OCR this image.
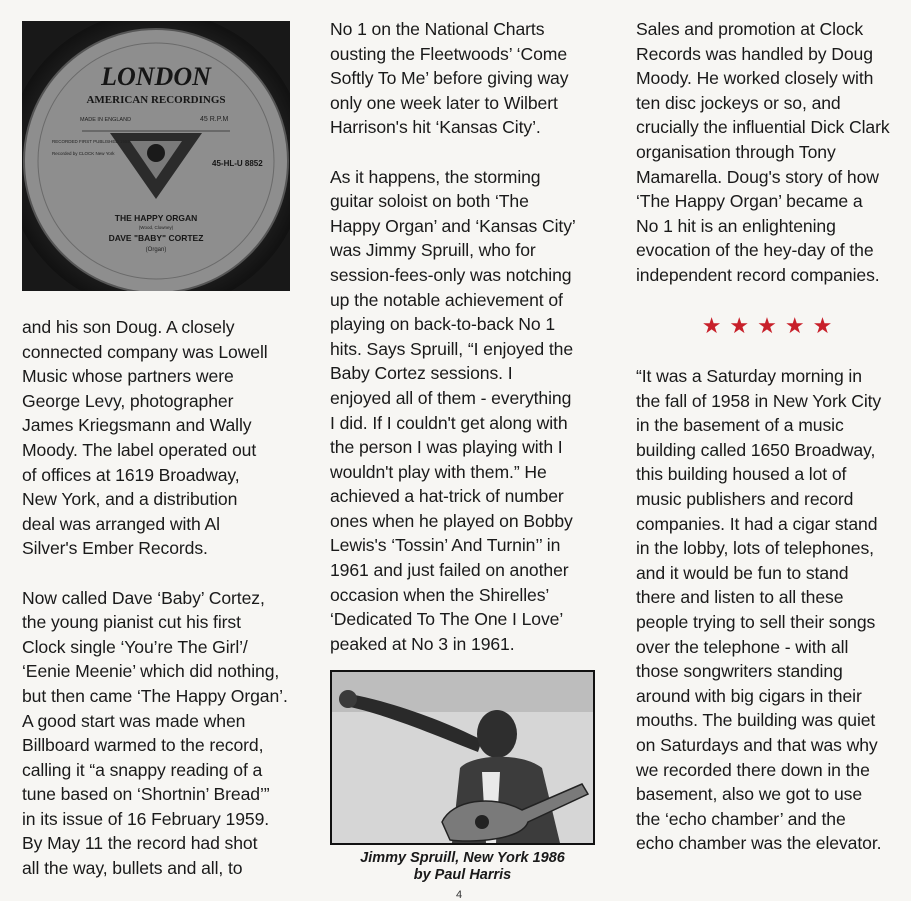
LONDON
AMERICAN RECORDINGS
MADE IN ENGLAND	45 R.P.M
RECORDED FIRST PUBLISHED 1959
Recorded by CLOCK New York
45-HL-U 8852
THE HAPPY ORGAN
(Wood, Clowney)
DAVE "BABY" CORTEZ
(Organ)

and his son Doug. A closely

connected company was Lowell

Music whose partners were

George Levy, photographer

James Kriegsmann and Wally

Moody. The label operated out

of offices at 1619 Broadway,

New York, and a distribution

deal was arranged with Al

Silver's Ember Records.

Now called Dave ‘Baby’ Cortez,

the young pianist cut his first

Clock single ‘You’re The Girl’/

‘Eenie Meenie’ which did nothing,

but then came ‘The Happy Organ’.

A good start was made when

Billboard warmed to the record,

calling it “a snappy reading of a

tune based on ‘Shortnin’ Bread’”

in its issue of 16 February 1959.

By May 11 the record had shot

all the way, bullets and all, to

No 1 on the National Charts

ousting the Fleetwoods’ ‘Come

Softly To Me’ before giving way

only one week later to Wilbert

Harrison's hit ‘Kansas City’.

As it happens, the storming

guitar soloist on both ‘The

Happy Organ’ and ‘Kansas City’

was Jimmy Spruill, who for

session-fees-only was notching

up the notable achievement of

playing on back-to-back No 1

hits. Says Spruill, “I enjoyed the

Baby Cortez sessions. I

enjoyed all of them - everything

I did. If I couldn't get along with

the person I was playing with I

wouldn't play with them.” He

achieved a hat-trick of number

ones when he played on Bobby

Lewis's ‘Tossin’ And Turnin’’ in

1961 and just failed on another

occasion when the Shirelles’

‘Dedicated To The One I Love’

peaked at No 3 in 1961.

Jimmy Spruill, New York 1986

by Paul Harris

Sales and promotion at Clock

Records was handled by Doug

Moody. He worked closely with

ten disc jockeys or so, and

crucially the influential Dick Clark

organisation through Tony

Mamarella. Doug's story of how

‘The Happy Organ’ became a

No 1 hit is an enlightening

evocation of the hey-day of the

independent record companies.

★★★★★

“It was a Saturday morning in

the fall of 1958 in New York City

in the basement of a music

building called 1650 Broadway,

this building housed a lot of

music publishers and record

companies. It had a cigar stand

in the lobby, lots of telephones,

and it would be fun to stand

there and listen to all these

people trying to sell their songs

over the telephone - with all

those songwriters standing

around with big cigars in their

mouths. The building was quiet

on Saturdays and that was why

we recorded there down in the

basement, also we got to use

the ‘echo chamber’ and the

echo chamber was the elevator.

4
